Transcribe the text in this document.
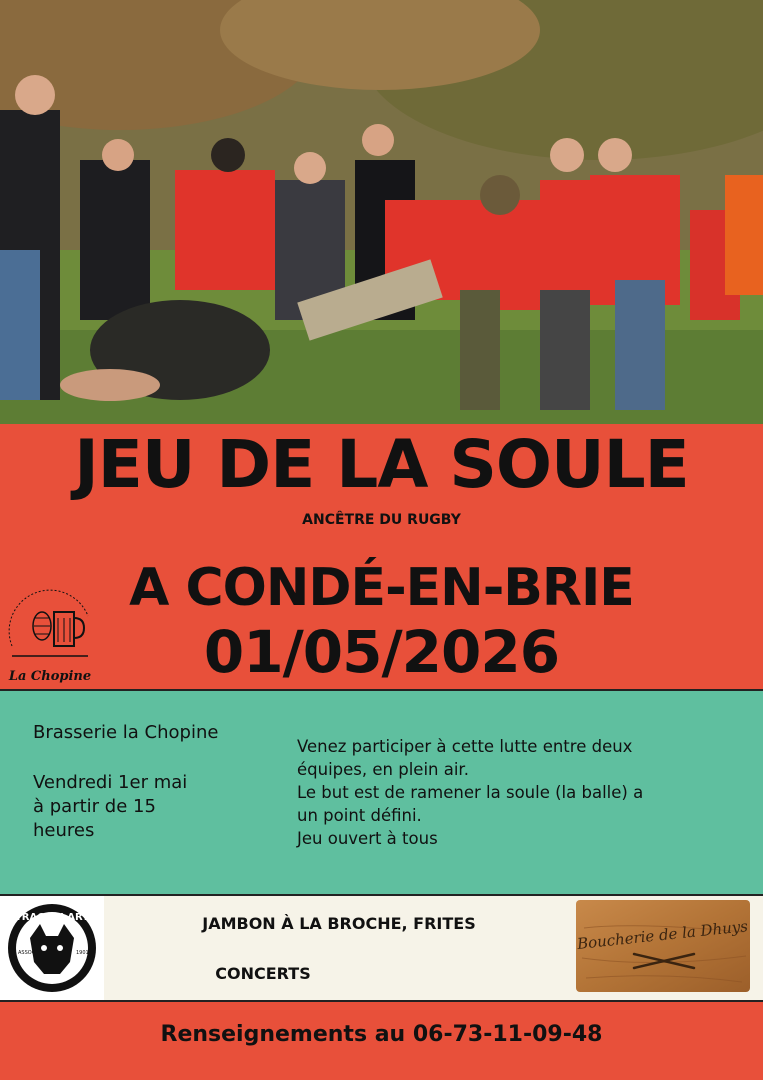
JEU DE LA SOULE
ANCÊTRE DU RUGBY
A CONDÉ-EN-BRIE
01/05/2026
La Chopine
Brasserie la Chopine
Vendredi 1er mai
à partir de 15
heures
Venez participer à cette lutte entre deux
équipes, en plein air.
Le but est de ramener la soule (la balle) a
un point défini.
Jeu ouvert à tous
TRACK'N ART
ASSOC	1901
JAMBON À LA BROCHE, FRITES
CONCERTS
Boucherie de la Dhuys
Renseignements au 06-73-11-09-48
